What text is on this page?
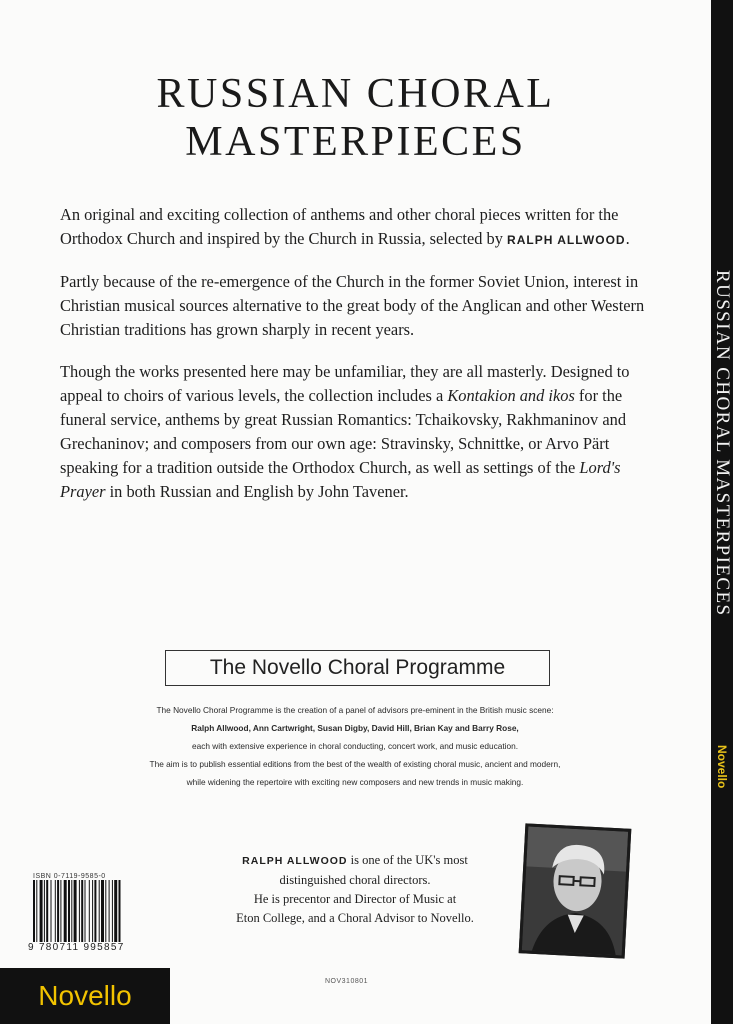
RUSSIAN CHORAL MASTERPIECES
Novello
RUSSIAN CHORAL
MASTERPIECES

An original and exciting collection of anthems and other choral pieces written for the Orthodox Church and inspired by the Church in Russia, selected by RALPH ALLWOOD.

Partly because of the re-emergence of the Church in the former Soviet Union, interest in Christian musical sources alternative to the great body of the Anglican and other Western Christian traditions has grown sharply in recent years.

Though the works presented here may be unfamiliar, they are all masterly. Designed to appeal to choirs of various levels, the collection includes a Kontakion and ikos for the funeral service, anthems by great Russian Romantics: Tchaikovsky, Rakhmaninov and Grechaninov; and composers from our own age: Stravinsky, Schnittke, or Arvo Pärt speaking for a tradition outside the Orthodox Church, as well as settings of the Lord's Prayer in both Russian and English by John Tavener.

The Novello Choral Programme
The Novello Choral Programme is the creation of a panel of advisors pre-eminent in the British music scene:
Ralph Allwood, Ann Cartwright, Susan Digby, David Hill, Brian Kay and Barry Rose,
each with extensive experience in choral conducting, concert work, and music education.
The aim is to publish essential editions from the best of the wealth of existing choral music, ancient and modern,
while widening the repertoire with exciting new composers and new trends in music making.
RALPH ALLWOOD is one of the UK's most
distinguished choral directors.
He is precentor and Director of Music at
Eton College, and a Choral Advisor to Novello.
ISBN 0-7119-9585-0
9 780711 995857
NOV310801
Novello
